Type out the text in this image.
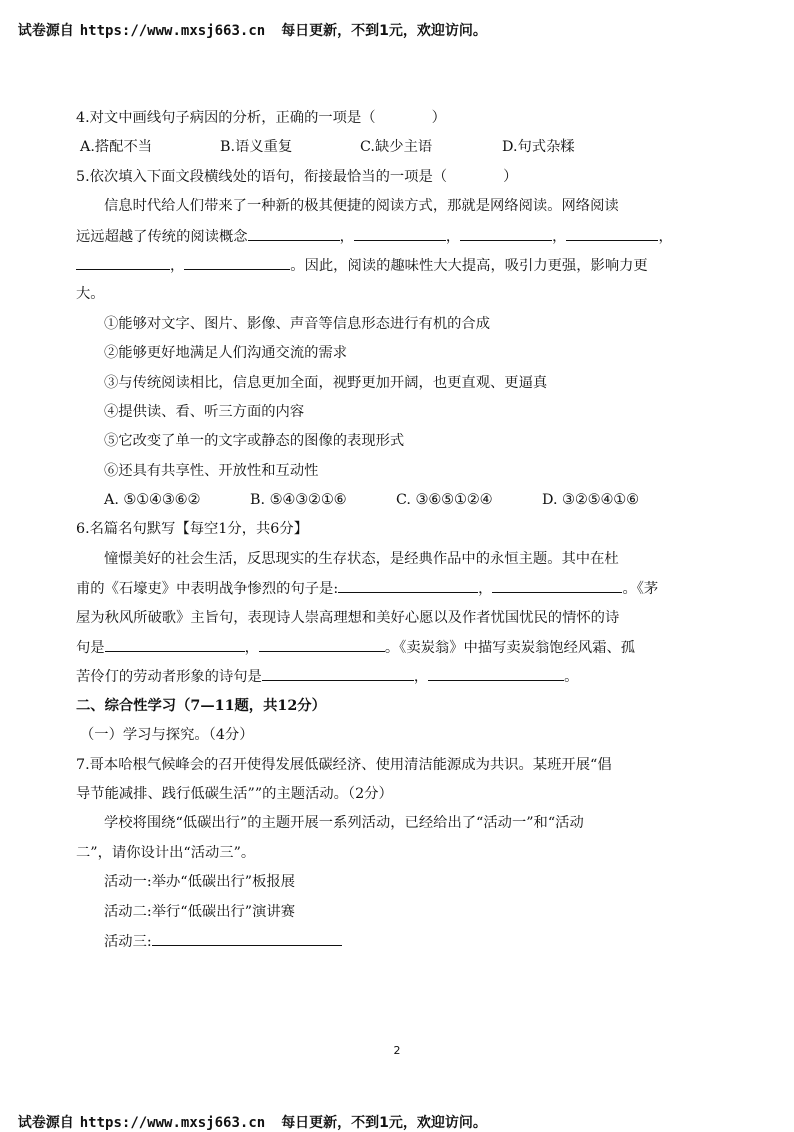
试卷源自 https://www.mxsj663.cn 每日更新，不到1元，欢迎访问。

4.对文中画线句子病因的分析，正确的一项是（	）
A.搭配不当	B.语义重复	C.缺少主语	D.句式杂糅
5.依次填入下面文段横线处的语句，衔接最恰当的一项是（	）
信息时代给人们带来了一种新的极其便捷的阅读方式，那就是网络阅读。网络阅读
远远超越了传统的阅读概念	，	，	，	，
，	。因此，阅读的趣味性大大提高，吸引力更强，影响力更
大。
①能够对文字、图片、影像、声音等信息形态进行有机的合成
②能够更好地满足人们沟通交流的需求
③与传统阅读相比，信息更加全面，视野更加开阔，也更直观、更逼真
④提供读、看、听三方面的内容
⑤它改变了单一的文字或静态的图像的表现形式
⑥还具有共享性、开放性和互动性
A. ⑤①④③⑥②	B. ⑤④③②①⑥	C. ③⑥⑤①②④	D. ③②⑤④①⑥
6.名篇名句默写【每空1分，共6分】
憧憬美好的社会生活，反思现实的生存状态，是经典作品中的永恒主题。其中在杜
甫的《石壕吏》中表明战争惨烈的句子是:	，	。《茅
屋为秋风所破歌》主旨句，表现诗人崇高理想和美好心愿以及作者忧国忧民的情怀的诗
句是	，	。《卖炭翁》中描写卖炭翁饱经风霜、孤
苦伶仃的劳动者形象的诗句是	，	。
二、综合性学习（7—11题，共12分）
（一）学习与探究。（4分）
7.哥本哈根气候峰会的召开使得发展低碳经济、使用清洁能源成为共识。某班开展“倡
导节能减排、践行低碳生活””的主题活动。（2分）
学校将围绕“低碳出行”的主题开展一系列活动，已经给出了“活动一”和“活动
二”，请你设计出“活动三”。
活动一:举办“低碳出行”板报展
活动二:举行“低碳出行”演讲赛
活动三:
2

试卷源自 https://www.mxsj663.cn 每日更新，不到1元，欢迎访问。
